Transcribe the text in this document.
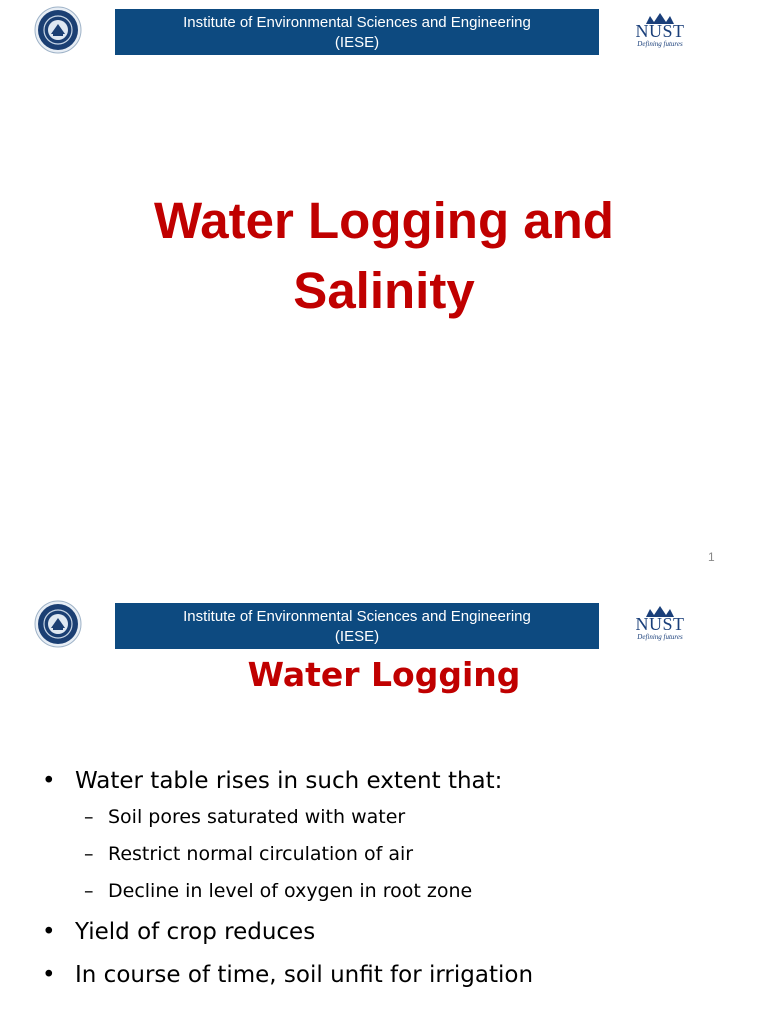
Institute of Environmental Sciences and Engineering
(IESE)
NUST
Defining futures
Water Logging and
Salinity
1
Institute of Environmental Sciences and Engineering
(IESE)
NUST
Defining futures
Water Logging
• Water table rises in such extent that:
– Soil pores saturated with water
– Restrict normal circulation of air
– Decline in level of oxygen in root zone
• Yield of crop reduces
• In course of time, soil unfit for irrigation
